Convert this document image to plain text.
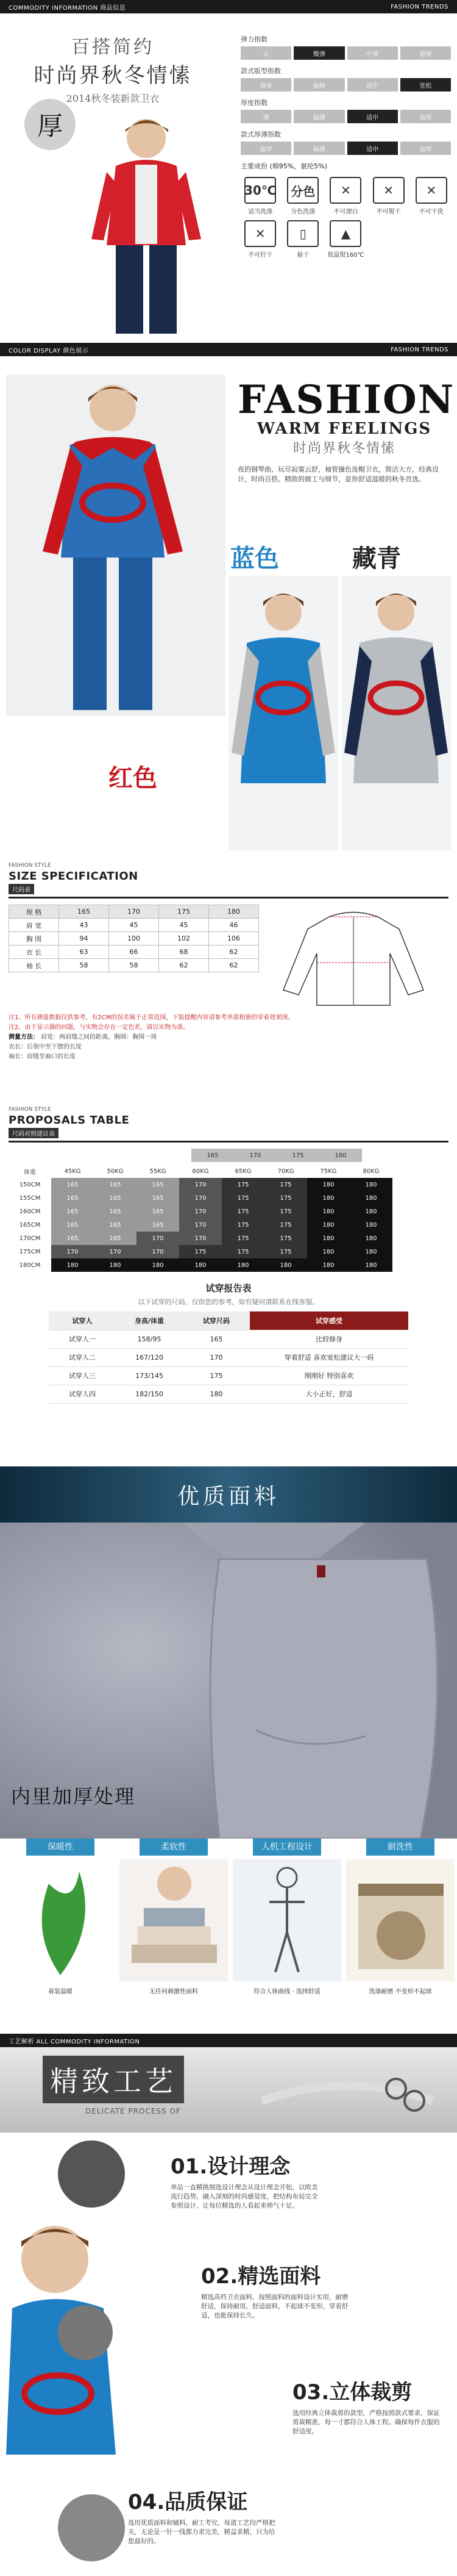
COMMODITY INFORMATION 商品信息	FASHION TRENDS
百搭简约
时尚界秋冬情愫
2014秋冬装新款卫衣
厚
弹力指数
无	微弹	中弹	超弹
款式版型指数
修身	偏修	适中	宽松
厚度指数
薄	偏薄	适中	加厚
款式厚薄指数
偏厚	偏薄	适中	加厚
主要成份 (棉95%，氨纶5%)
30℃
适当洗涤
分色
分色洗涤
✕
不可漂白
✕
不可熨干
✕
不可干洗
✕
不可拧干
▯
悬干
▲
低温熨160℃
COLOR DISPLAY 颜色展示	FASHION TRENDS
FASHION
WARM FEELINGS
时尚界秋冬情愫
夜的钢琴曲，玩尽寂寞云舒，袖管撞色连帽卫衣，简洁大方，经典设计，时尚百搭。精致的做工与细节，是你舒适温暖的秋冬首选。
蓝色	藏青
红色
FASHION STYLE
SIZE SPECIFICATION
尺码表
规 格	165	170	175	180
肩 宽	43	45	45	46
胸 围	94	100	102	106
衣 长	63	66	68	62
袖 长	58	58	62	62
注1、所有测量数据仅供参考，有2CM的误差属于正常范围，下装提醒内容请参考单款相册的穿着效果图。
注2、由于显示器的问题，与实物会存在一定色差，请以实物为准。
测量方法： 肩宽：两肩缝之间的距离，胸围：胸围一周
衣长：后领中至下摆的长度
袖长：肩缝至袖口的长度
FASHION STYLE
PROPOSALS TABLE
尺码对照建议表
165	170	175	180
体重	45KG	50KG	55KG	60KG	65KG	70KG	75KG	80KG
150CM	165	165	165	170	175	175	180	180
155CM	165	165	165	170	175	175	180	180
160CM	165	165	165	170	175	175	180	180
165CM	165	165	165	170	175	175	180	180
170CM	165	165	170	170	175	175	180	180
175CM	170	170	170	175	175	175	180	180
180CM	180	180	180	180	180	180	180	180
试穿报告表
以下试穿的尺码，仅供您的参考，如有疑问请联系在线客服。
试穿人	身高/体重	试穿尺码	试穿感受
试穿人一	158/95	165	比较修身
试穿人二	167/120	170	穿着舒适 喜欢宽松建议大一码
试穿人三	173/145	175	刚刚好 特别喜欢
试穿人四	182/150	180	大小正好，舒适
优质面料
内里加厚处理
保暖性
着装温暖
柔软性
无任何刺激性面料
人机工程设计
符合人体曲线 · 选择舒适
耐洗性
洗涤耐磨 不变形不起球
工艺解析 ALL COMMODITY INFORMATION
精致工艺
DELICATE PROCESS OF
01.设计理念
单品一直精挑细选设计理念从设计理念开始，以欧美流行趋势，融入深刻的时尚感觉度，把结构布局完全参照设计，让每位精选的人看起来帅气十足。
02.精选面料
精选高档卫衣面料，按照面料的面料设计实用，耐磨舒适，保持耐用，舒适面料，不起球不变形，穿着舒适，也能保持长久。
03.立体裁剪
选用经典立体裁剪的款型，严格按照款式要求，保证剪裁精准，每一寸都符合人体工程。确保每件衣服的舒适度。
04.品质保证
选用优质面料和辅料，耐工考究，每道工艺均严格把关，无论是一针一线都力求完美，精益求精，只为给您最好的。
